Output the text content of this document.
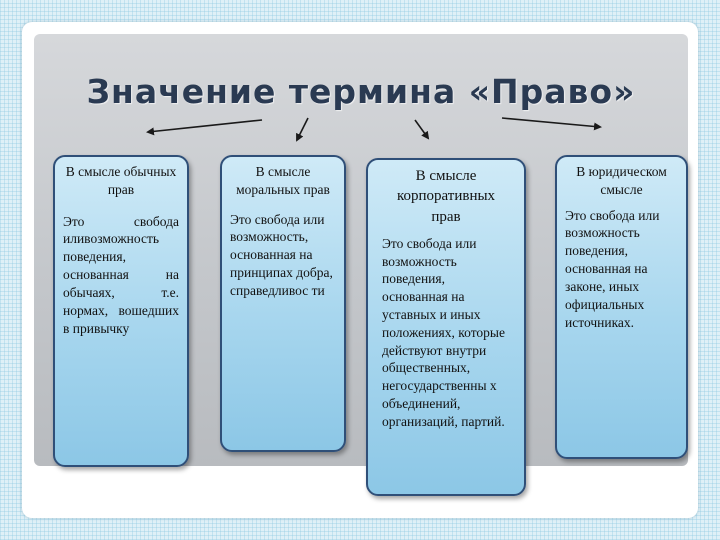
Значение термина «Право»
В смысле обычных прав
Это свобода иливозможность поведения, основанная на обычаях, т.е. нормах, вошедших в привычку
В смысле моральных прав
Это свобода или возможность, основанная на принципах добра, справедливос ти
В смысле корпоративных прав
Это свобода или возможность поведения, основанная на уставных и иных положениях, которые действуют внутри общественных, негосударственны х объединений, организаций, партий.
В юридическом смысле
Это свобода или возможность поведения, основанная на законе, иных официальных источниках.
